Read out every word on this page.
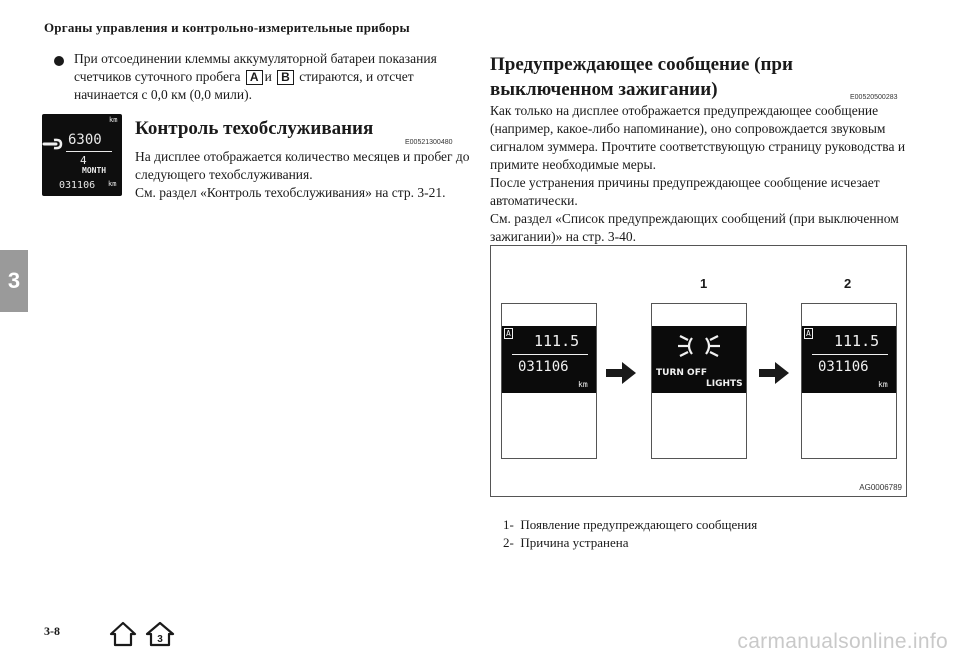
Органы управления и контрольно-измерительные приборы
3
При отсоединении клеммы аккумуляторной батареи показания счетчиков суточного пробега A и B стираются, и отсчет начинается с 0,0 км (0,0 мили).
km
6300
4
MONTH
031106 km
Контроль техобслуживания
E00521300480
На дисплее отображается количество месяцев и пробег до следующего техобслуживания.
См. раздел «Контроль техобслуживания» на стр. 3-21.
Предупреждающее сообщение (при выключенном зажигании)	E00520500283
Как только на дисплее отображается предупреждающее сообщение (например, какое-либо напоминание), оно сопровождается звуковым сигналом зуммера. Прочтите соответствующую страницу руководства и примите необходимые меры.
После устранения причины предупреждающее сообщение исчезает автоматически.
См. раздел «Список предупреждающих сообщений (при выключенном зажигании)» на стр. 3-40.
1	2
A 111.5
031106
km
TURN OFF
LIGHTS
A 111.5
031106
km
AG0006789
1- Появление предупреждающего сообщения
2- Причина устранена
3-8
3	carmanualsonline.info
